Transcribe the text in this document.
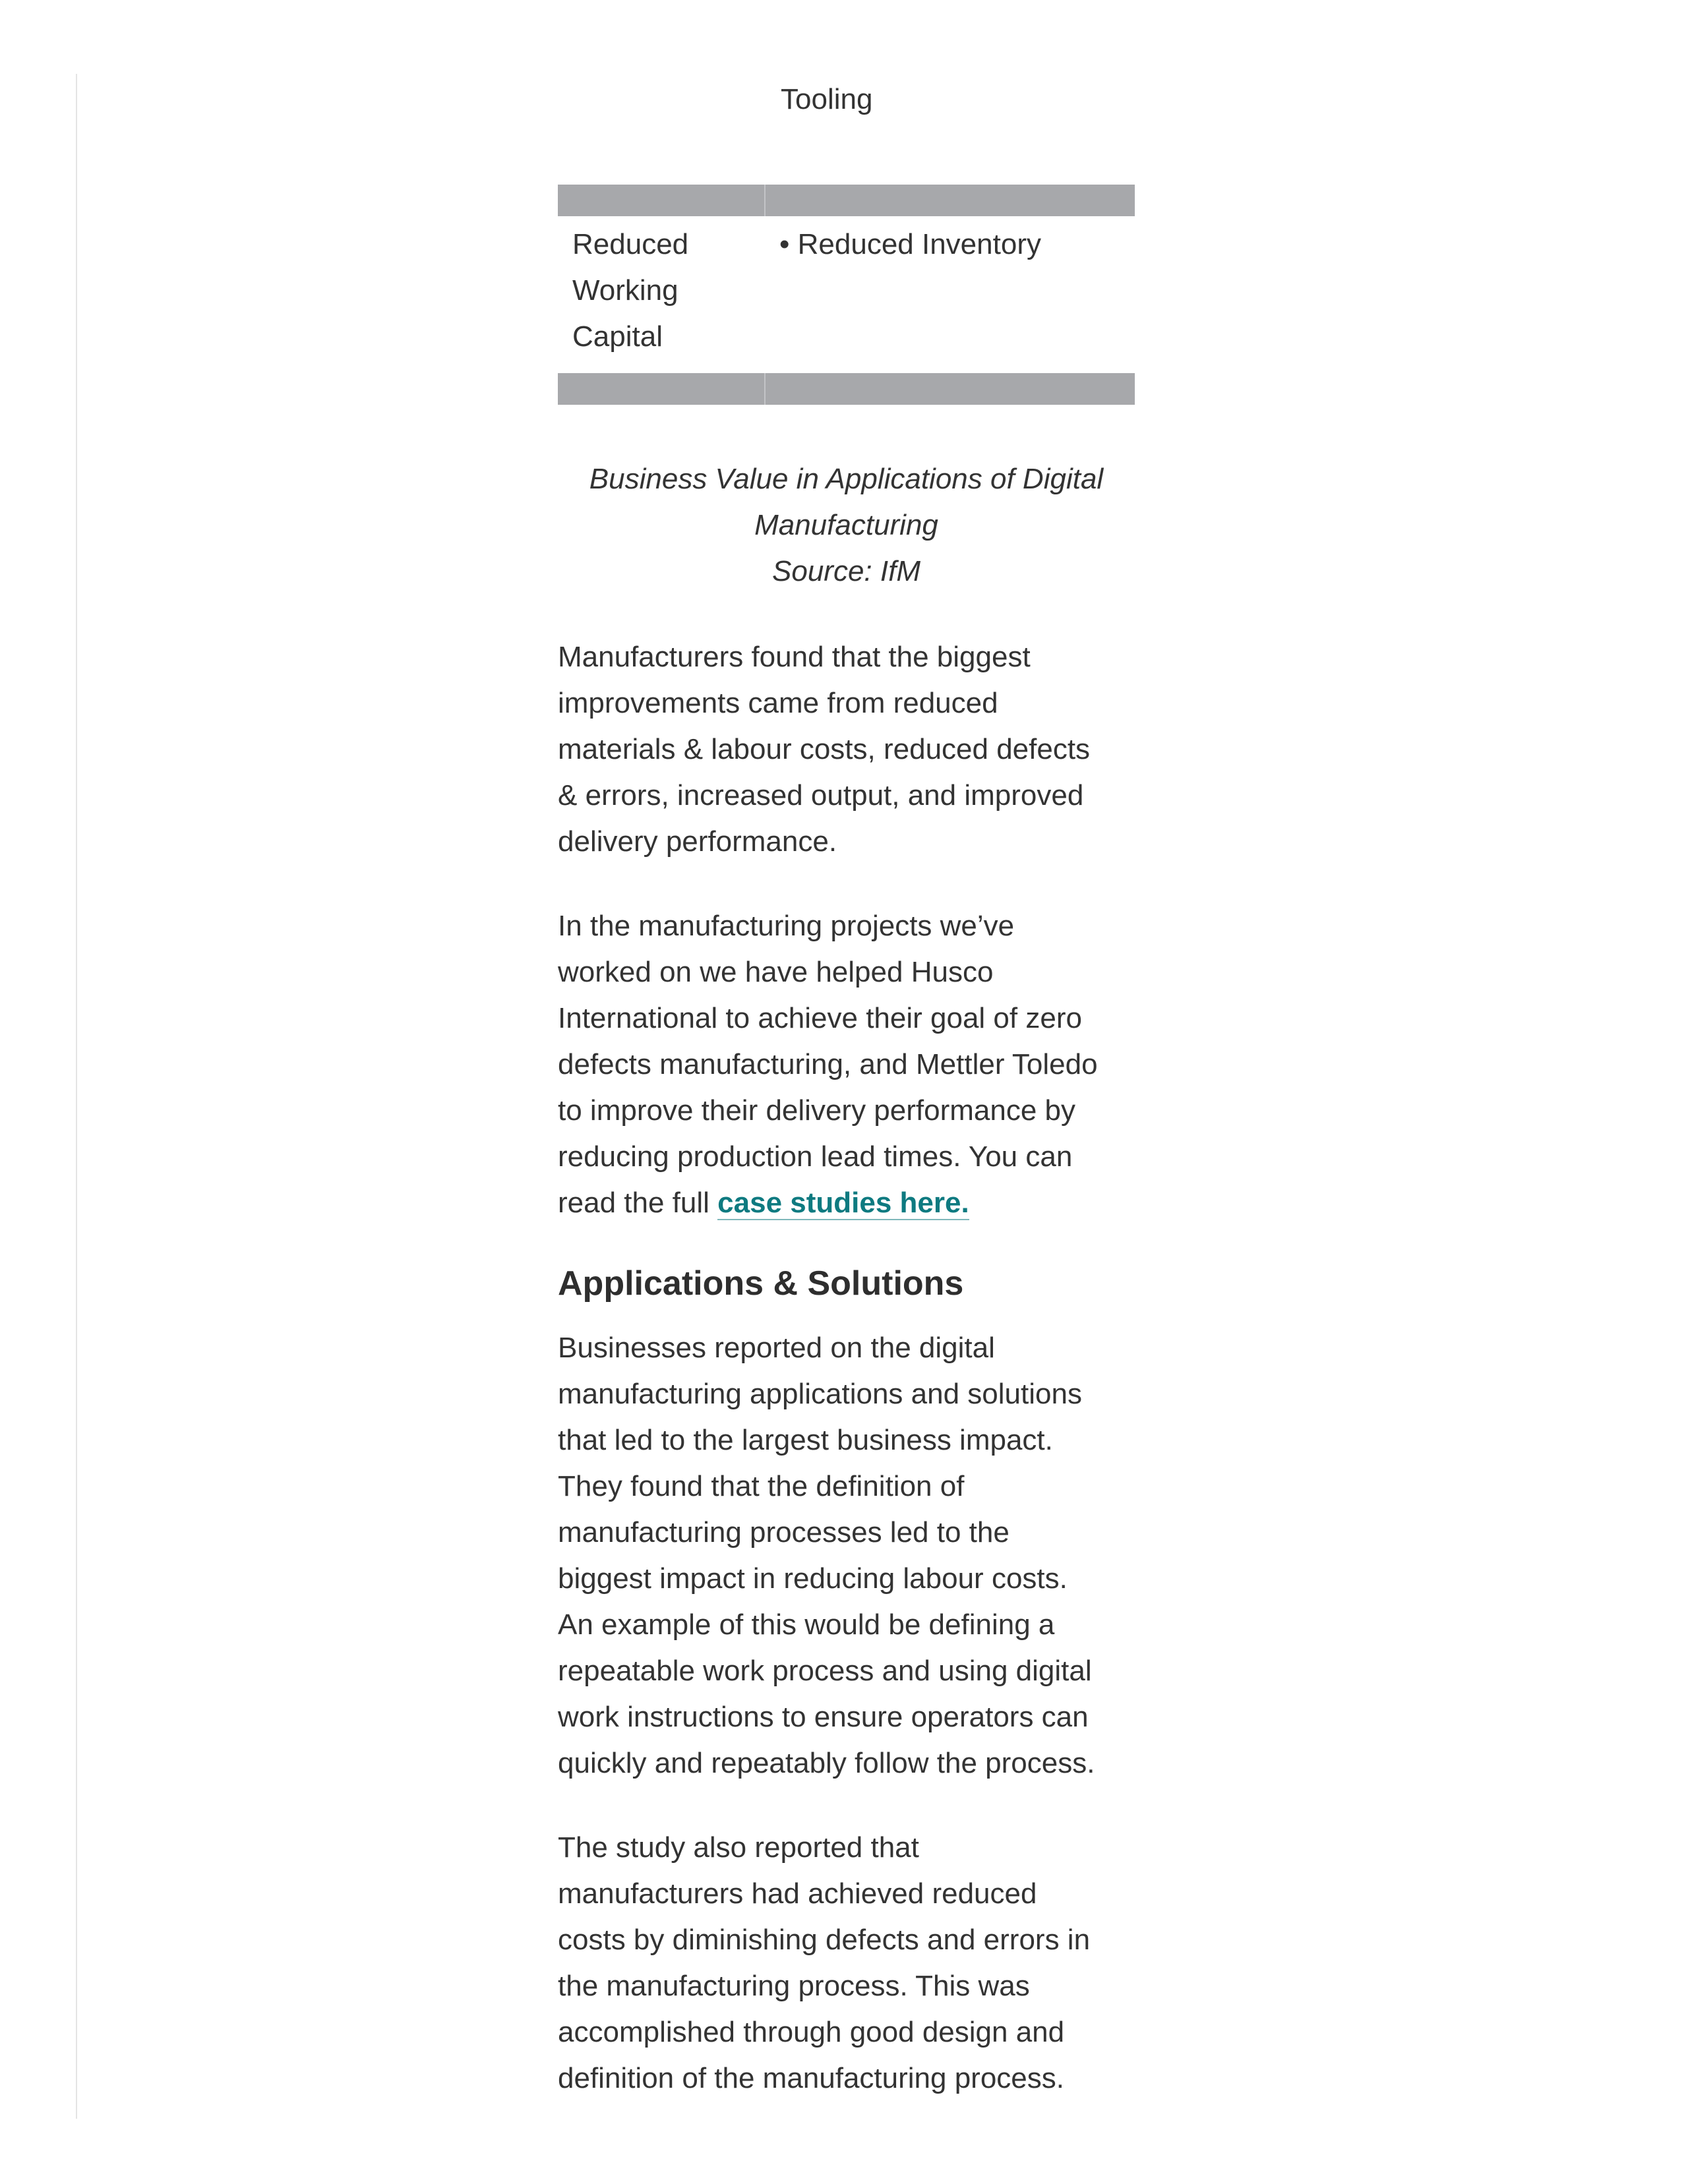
Tooling

Reduced
Working
Capital	• Reduced Inventory

Business Value in Applications of Digital
Manufacturing
Source: IfM

Manufacturers found that the biggest
improvements came from reduced
materials & labour costs, reduced defects
& errors, increased output, and improved
delivery performance.

In the manufacturing projects we’ve
worked on we have helped Husco
International to achieve their goal of zero
defects manufacturing, and Mettler Toledo
to improve their delivery performance by
reducing production lead times. You can
read the full case studies here.

Applications & Solutions

Businesses reported on the digital
manufacturing applications and solutions
that led to the largest business impact.
They found that the definition of
manufacturing processes led to the
biggest impact in reducing labour costs.
An example of this would be defining a
repeatable work process and using digital
work instructions to ensure operators can
quickly and repeatably follow the process.

The study also reported that
manufacturers had achieved reduced
costs by diminishing defects and errors in
the manufacturing process. This was
accomplished through good design and
definition of the manufacturing process.
